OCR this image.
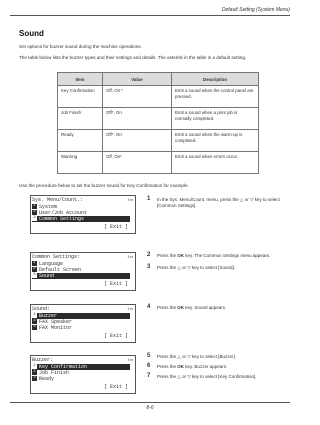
Default Setting (System Menu)
Sound
Set options for buzzer sound during the machine operations.
The table below lists the buzzer types and their settings and details. The asterisk in the table is a default setting.
Item	Value	Description
Key Confirmation	Off, On *	Emit a sound when the control panel are pressed.
Job Finish	Off*, On	Emit a sound when a print job is normally completed.
Ready	Off*, On	Emit a sound when the warm-up is completed.
Warning	Off, On*	Emit a sound when errors occur.
Use the procedure below to set the buzzer sound for Key Confirmation for example.
Sys. Menu/Count.:	⇳▭
1 System
2 User/Job Account
3 Common Settings
[ Exit ]
Common Settings:	⇳▭
1 Language
2 Default Screen
3 Sound
[ Exit ]
Sound:	⇳▭
1 Buzzer
2 FAX Speaker
3 FAX Monitor
[ Exit ]
Buzzer:	⇳▭
1 Key Confirmation
2 Job Finish
3 Ready
[ Exit ]
1 In the Sys. Menu/Count. menu, press the △ or ▽ key to select [Common Settings].
2 Press the OK key. The Common Settings menu appears.
3 Press the △ or ▽ key to select [Sound].
4 Press the OK key. Sound appears.
5 Press the △ or ▽ key to select [Buzzer].
6 Press the OK key. Buzzer appears.
7 Press the △ or ▽ key to select [Key Confirmation].
8-6
